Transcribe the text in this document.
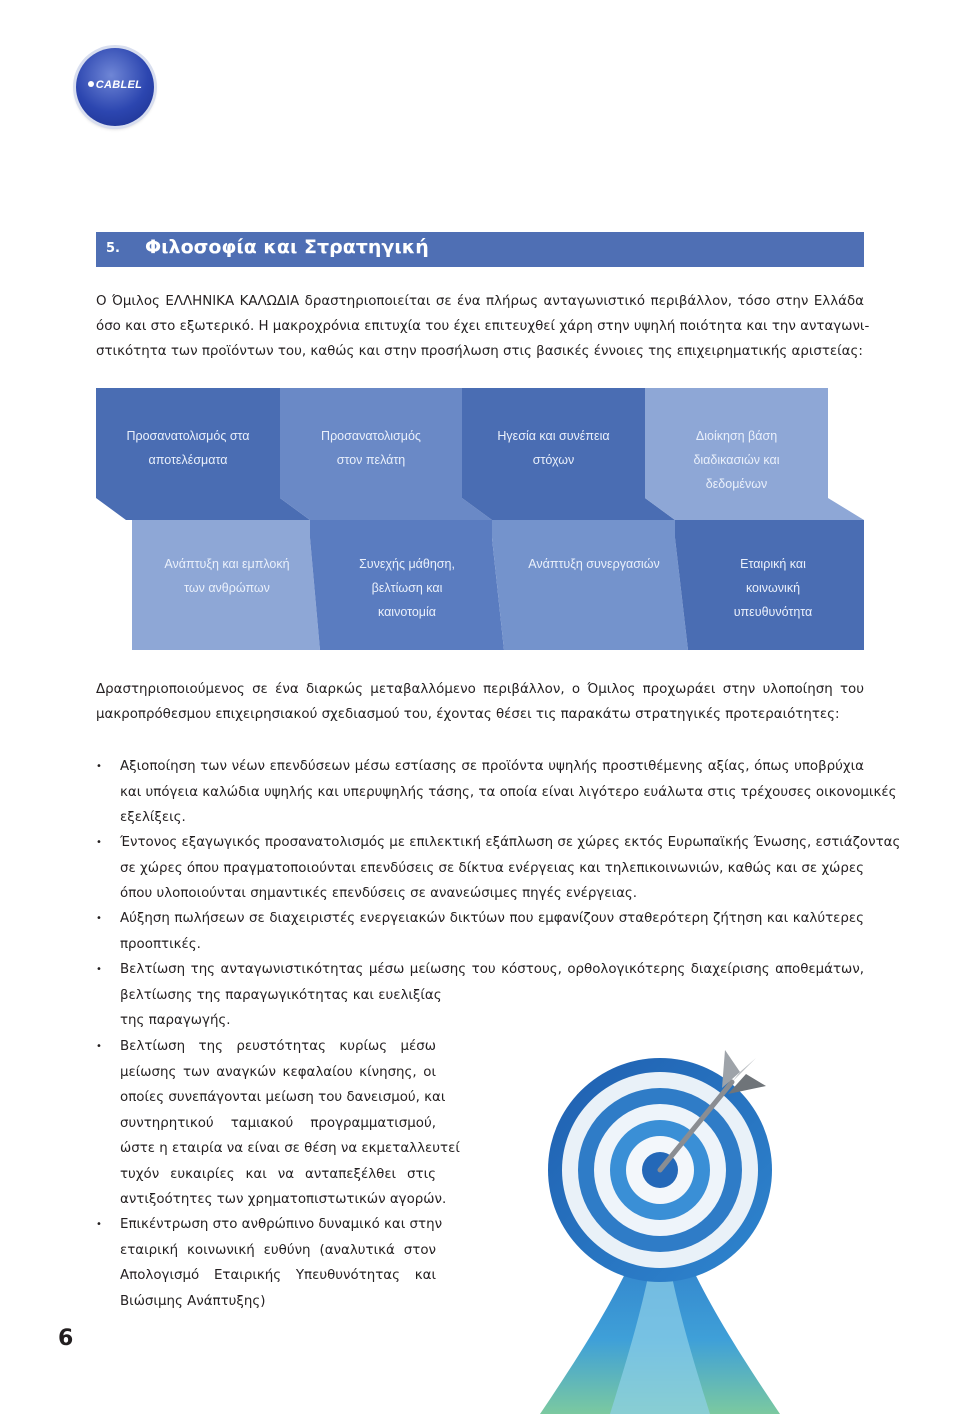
CABLEL
5. Φιλοσοφία και Στρατηγική
Ο Όμιλος ΕΛΛΗΝΙΚΑ ΚΑΛΩΔΙΑ δραστηριοποιείται σε ένα πλήρως ανταγωνιστικό περιβάλλον, τόσο στην Ελλάδα
όσο και στο εξωτερικό. Η μακροχρόνια επιτυχία του έχει επιτευχθεί χάρη στην υψηλή ποιότητα και την ανταγωνι-
στικότητα των προϊόντων του, καθώς και στην προσήλωση στις βασικές έννοιες της επιχειρηματικής αριστείας:
Προσανατολισμός στα
αποτελέσματα
Προσανατολισμός
στον πελάτη
Ηγεσία και συνέπεια
στόχων
Διοίκηση βάση
διαδικασιών και
δεδομένων
Ανάπτυξη και εμπλοκή
των ανθρώπων
Συνεχής μάθηση,
βελτίωση και
καινοτομία
Ανάπτυξη συνεργασιών	Εταιρική και
κοινωνική
υπευθυνότητα
Δραστηριοποιούμενος σε ένα διαρκώς μεταβαλλόμενο περιβάλλον, ο Όμιλος προχωράει στην υλοποίηση του
μακροπρόθεσμου επιχειρησιακού σχεδιασμού του, έχοντας θέσει τις παρακάτω στρατηγικές προτεραιότητες:
• Αξιοποίηση των νέων επενδύσεων μέσω εστίασης σε προϊόντα υψηλής προστιθέμενης αξίας, όπως υποβρύχια
και υπόγεια καλώδια υψηλής και υπερυψηλής τάσης, τα οποία είναι λιγότερο ευάλωτα στις τρέχουσες οικονομικές
εξελίξεις.
• Έντονος εξαγωγικός προσανατολισμός με επιλεκτική εξάπλωση σε χώρες εκτός Ευρωπαϊκής Ένωσης, εστιάζοντας
σε χώρες όπου πραγματοποιούνται επενδύσεις σε δίκτυα ενέργειας και τηλεπικοινωνιών, καθώς και σε χώρες
όπου υλοποιούνται σημαντικές επενδύσεις σε ανανεώσιμες πηγές ενέργειας.
• Αύξηση πωλήσεων σε διαχειριστές ενεργειακών δικτύων που εμφανίζουν σταθερότερη ζήτηση και καλύτερες
προοπτικές.
• Βελτίωση της ανταγωνιστικότητας μέσω μείωσης του κόστους, ορθολογικότερης διαχείρισης αποθεμάτων,
βελτίωσης της παραγωγικότητας και ευελιξίας
της παραγωγής.
• Βελτίωση της ρευστότητας κυρίως μέσω
μείωσης των αναγκών κεφαλαίου κίνησης, οι
οποίες συνεπάγονται μείωση του δανεισμού, και
συντηρητικού ταμιακού προγραμματισμού,
ώστε η εταιρία να είναι σε θέση να εκμεταλλευτεί
τυχόν ευκαιρίες και να ανταπεξέλθει στις
αντιξοότητες των χρηματοπιστωτικών αγορών.
• Επικέντρωση στο ανθρώπινο δυναμικό και στην
εταιρική κοινωνική ευθύνη (αναλυτικά στον
Απολογισμό Εταιρικής Υπευθυνότητας και
Βιώσιμης Ανάπτυξης)
6
